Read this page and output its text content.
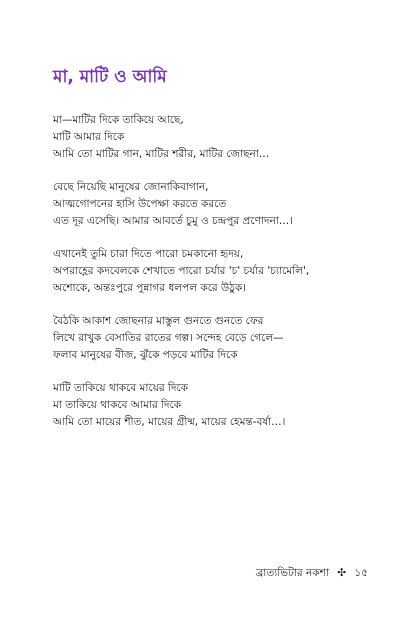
মা, মাটি ও আমি
মা—মাটির দিকে তাকিয়ে আছে,
মাটি আমার দিকে
আমি তো মাটির গান, মাটির শরীর, মাটির জোছনা…
বেছে নিয়েছি মানুষের জোনাকিবাগান,
আত্মগোপনের হাসি উপেক্ষা করতে করতে
এত দূর এসেছি। আমার আবর্তে চুমু ও চন্দ্রপুর প্রণোদনা…।
এখানেই তুমি চারা দিতে পারো চমকানো হৃদয়,
অপরাহ্ণের কদবেলকে শেখাতে পারো চর্যার 'চ' চর্যার 'চ্যামেলি',
অশোকে, অন্তঃপুরে পুন্নাগর ধলপল করে উঠুক।
বৈঠকি আকাশ জোছনার মাস্তুল গুনতে গুনতে ফের
লিখে রাখুক বেসাতির রাতের গল্প। সন্দেহ বেড়ে গেলে—
ফলাব মানুষের বীজ, ঝুঁকে পড়বে মাটির দিকে
মাটি তাকিয়ে থাকবে মায়ের দিকে
মা তাকিয়ে থাকবে আমার দিকে
আমি তো মায়ের শীত, মায়ের গ্রীষ্ম, মায়ের হেমন্ত-বর্ষা…।
ব্রাত্যভিটার নকশা ✣ ১৫
